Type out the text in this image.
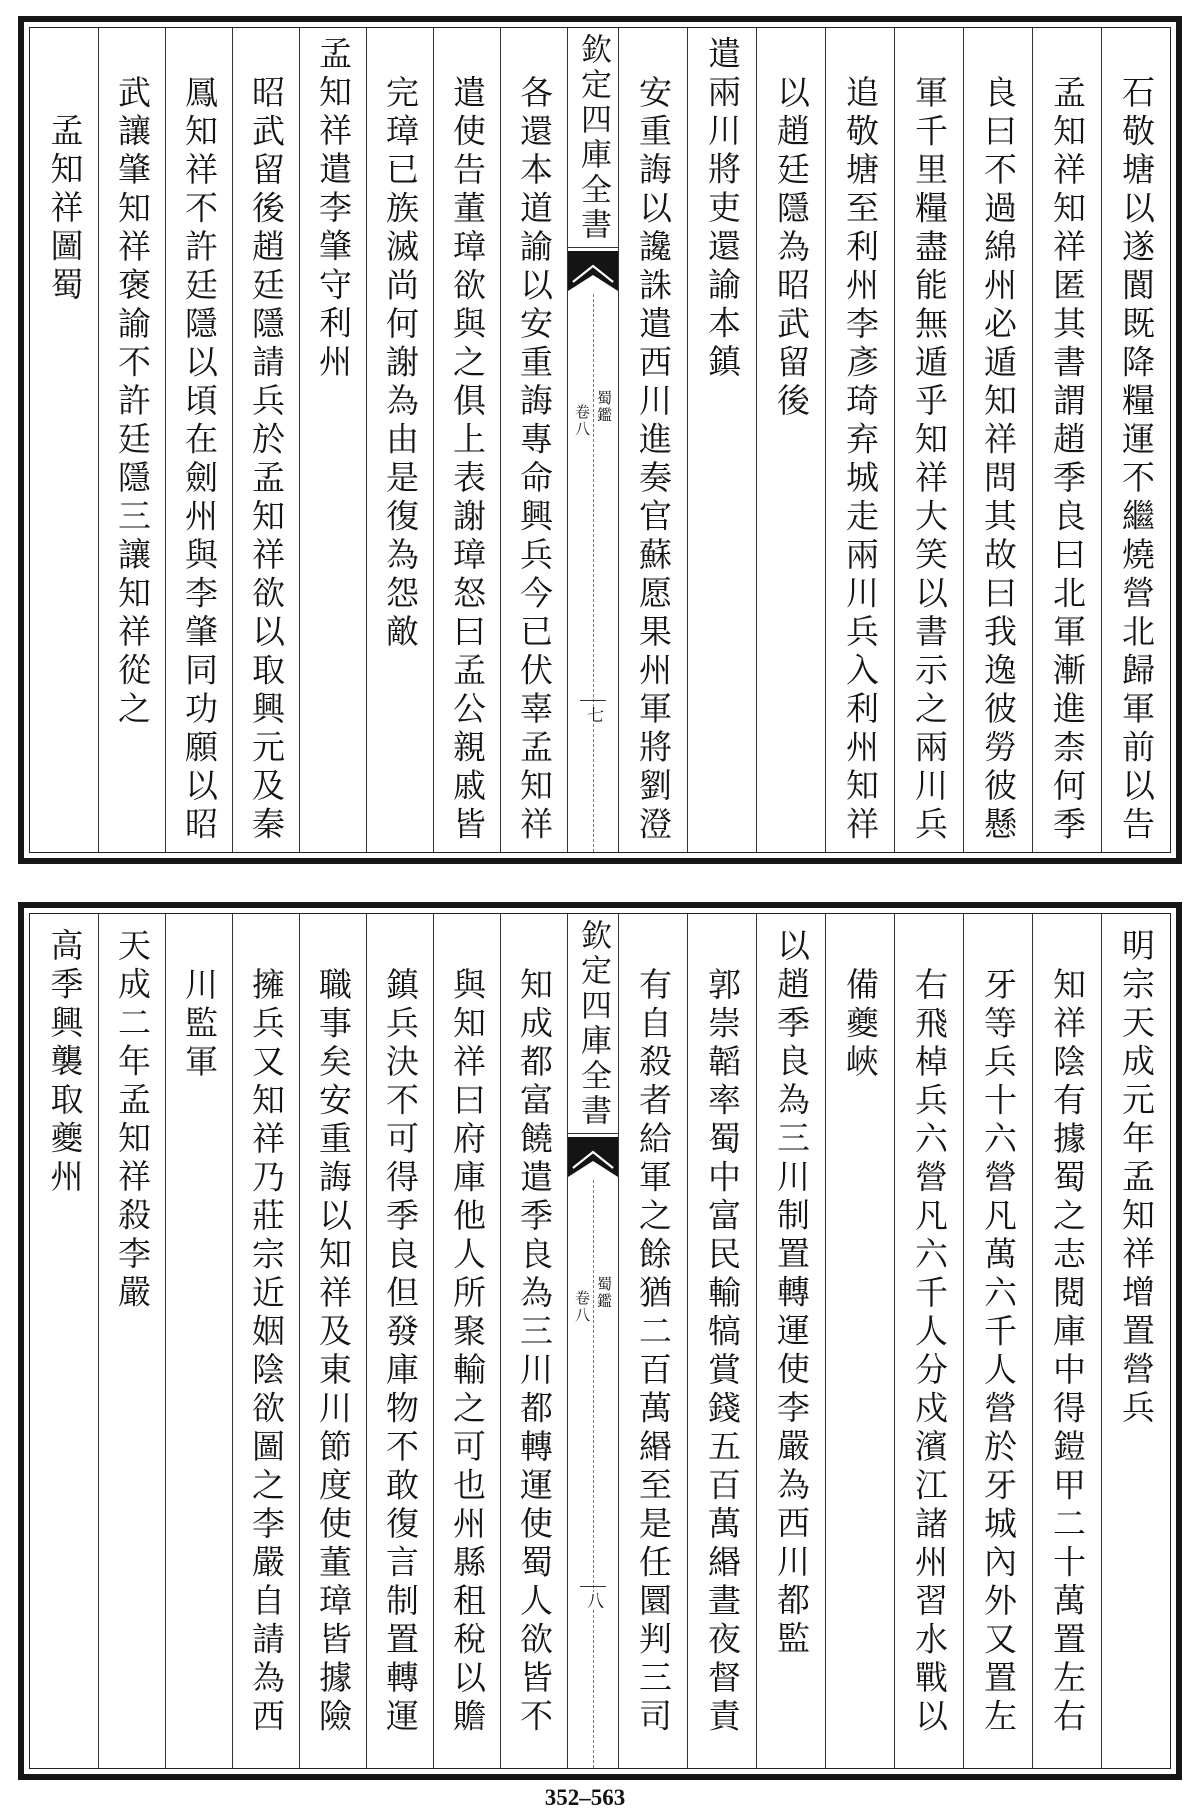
石敬塘以遂閬既降糧運不繼燒營北歸軍前以告
孟知祥知祥匿其書謂趙季良曰北軍漸進柰何季
良曰不過綿州必遁知祥問其故曰我逸彼勞彼懸
軍千里糧盡能無遁乎知祥大笑以書示之兩川兵
追敬塘至利州李彥琦弃城走兩川兵入利州知祥
以趙廷隱為昭武留後
遣兩川將吏還諭本鎮
安重誨以讒誅遣西川進奏官蘇愿果州軍將劉澄
欽定四庫全書
蜀鑑
卷八
七
各還本道諭以安重誨專命興兵今已伏辜孟知祥
遣使告董璋欲與之俱上表謝璋怒曰孟公親戚皆
完璋已族滅尚何謝為由是復為怨敵
孟知祥遣李肇守利州
昭武留後趙廷隱請兵於孟知祥欲以取興元及秦
鳳知祥不許廷隱以頃在劍州與李肇同功願以昭
武讓肇知祥褒諭不許廷隱三讓知祥從之
孟知祥圖蜀
明宗天成元年孟知祥增置營兵
知祥陰有據蜀之志閱庫中得鎧甲二十萬置左右
牙等兵十六營凡萬六千人營於牙城內外又置左
右飛棹兵六營凡六千人分戍濱江諸州習水戰以
備夔峽
以趙季良為三川制置轉運使李嚴為西川都監
郭崇韜率蜀中富民輸犒賞錢五百萬緡晝夜督責
有自殺者給軍之餘猶二百萬緡至是任圜判三司
欽定四庫全書
蜀鑑
卷八
八
知成都富饒遣季良為三川都轉運使蜀人欲皆不
與知祥曰府庫他人所聚輸之可也州縣租稅以贍
鎮兵決不可得季良但發庫物不敢復言制置轉運
職事矣安重誨以知祥及東川節度使董璋皆據險
擁兵又知祥乃莊宗近姻陰欲圖之李嚴自請為西
川監軍
天成二年孟知祥殺李嚴
高季興襲取夔州
352–563
